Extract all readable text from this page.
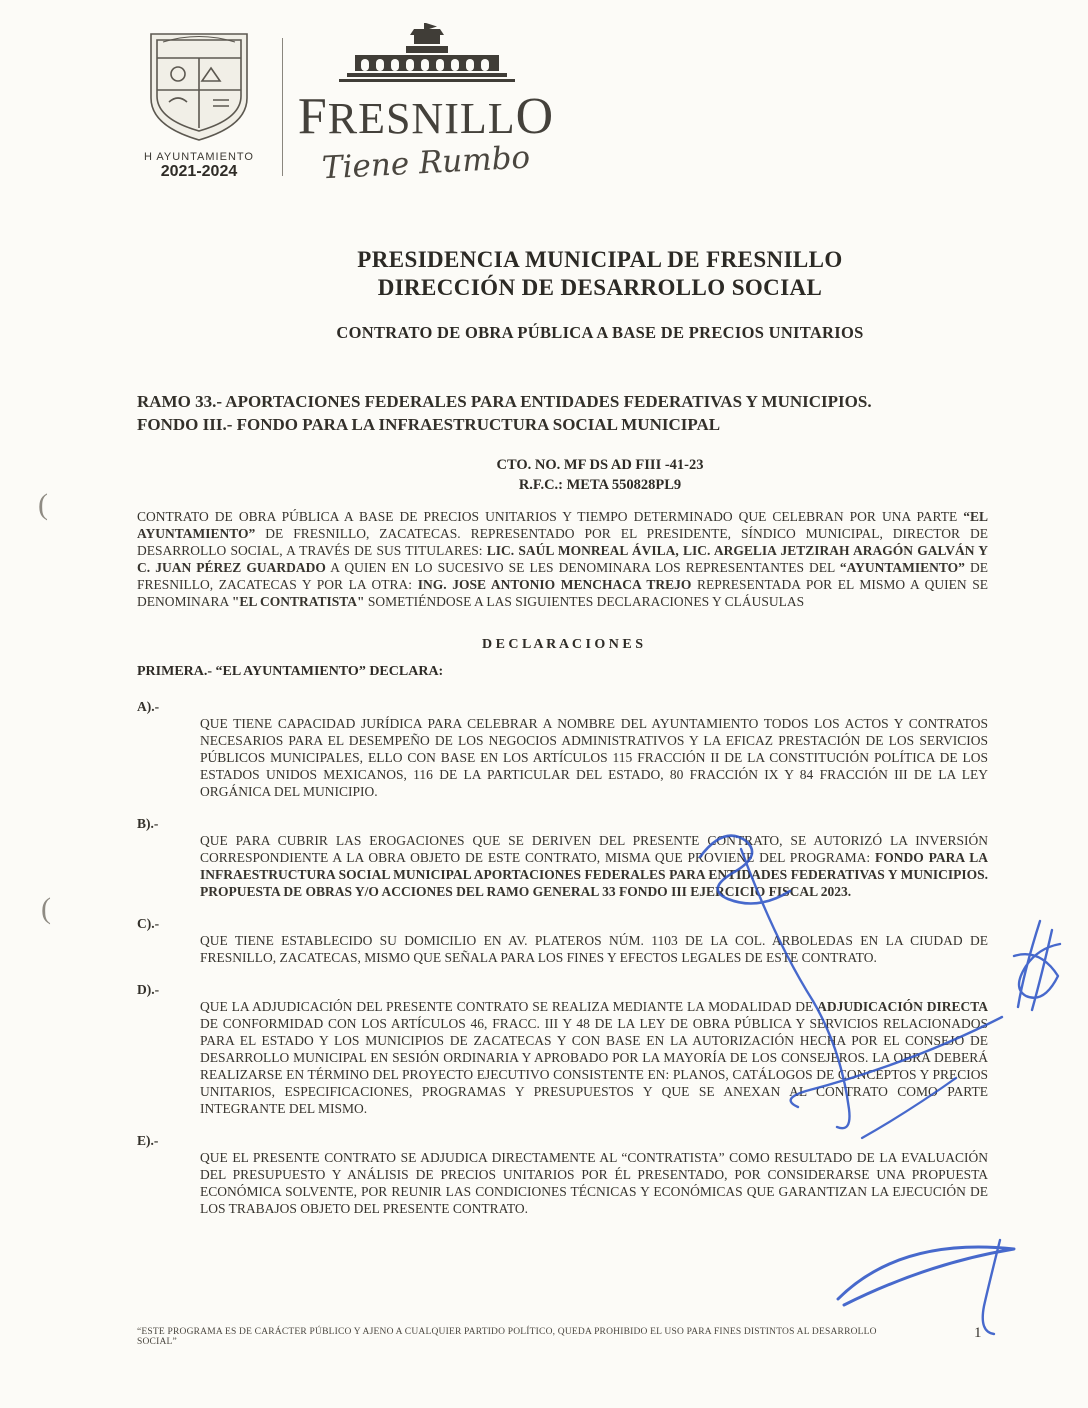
H AYUNTAMIENTO
2021-2024
FRESNILLO
Tiene Rumbo
PRESIDENCIA MUNICIPAL DE FRESNILLO
DIRECCIÓN DE DESARROLLO SOCIAL
CONTRATO DE OBRA PÚBLICA A BASE DE PRECIOS UNITARIOS
RAMO 33.- APORTACIONES FEDERALES PARA ENTIDADES FEDERATIVAS Y MUNICIPIOS.
FONDO III.- FONDO PARA LA INFRAESTRUCTURA SOCIAL MUNICIPAL
CTO. NO. MF DS AD FIII -41-23
R.F.C.: META 550828PL9

CONTRATO DE OBRA PÚBLICA A BASE DE PRECIOS UNITARIOS Y TIEMPO DETERMINADO QUE CELEBRAN POR UNA PARTE “EL AYUNTAMIENTO” DE FRESNILLO, ZACATECAS. REPRESENTADO POR EL PRESIDENTE, SÍNDICO MUNICIPAL, DIRECTOR DE DESARROLLO SOCIAL, A TRAVÉS DE SUS TITULARES: LIC. SAÚL MONREAL ÁVILA, LIC. ARGELIA JETZIRAH ARAGÓN GALVÁN Y C. JUAN PÉREZ GUARDADO A QUIEN EN LO SUCESIVO SE LES DENOMINARA LOS REPRESENTANTES DEL “AYUNTAMIENTO” DE FRESNILLO, ZACATECAS Y POR LA OTRA: ING. JOSE ANTONIO MENCHACA TREJO REPRESENTADA POR EL MISMO A QUIEN SE DENOMINARA "EL CONTRATISTA" SOMETIÉNDOSE A LAS SIGUIENTES DECLARACIONES Y CLÁUSULAS

D E C L A R A C I O N E S
PRIMERA.- “EL AYUNTAMIENTO” DECLARA:
A).-

QUE TIENE CAPACIDAD JURÍDICA PARA CELEBRAR A NOMBRE DEL AYUNTAMIENTO TODOS LOS ACTOS Y CONTRATOS NECESARIOS PARA EL DESEMPEÑO DE LOS NEGOCIOS ADMINISTRATIVOS Y LA EFICAZ PRESTACIÓN DE LOS SERVICIOS PÚBLICOS MUNICIPALES, ELLO CON BASE EN LOS ARTÍCULOS 115 FRACCIÓN II DE LA CONSTITUCIÓN POLÍTICA DE LOS ESTADOS UNIDOS MEXICANOS, 116 DE LA PARTICULAR DEL ESTADO, 80 FRACCIÓN IX Y 84 FRACCIÓN III DE LA LEY ORGÁNICA DEL MUNICIPIO.

B).-

QUE PARA CUBRIR LAS EROGACIONES QUE SE DERIVEN DEL PRESENTE CONTRATO, SE AUTORIZÓ LA INVERSIÓN CORRESPONDIENTE A LA OBRA OBJETO DE ESTE CONTRATO, MISMA QUE PROVIENE DEL PROGRAMA: FONDO PARA LA INFRAESTRUCTURA SOCIAL MUNICIPAL APORTACIONES FEDERALES PARA ENTIDADES FEDERATIVAS Y MUNICIPIOS. PROPUESTA DE OBRAS Y/O ACCIONES DEL RAMO GENERAL 33 FONDO III EJERCICIO FISCAL 2023.

C).-

QUE TIENE ESTABLECIDO SU DOMICILIO EN AV. PLATEROS NÚM. 1103 DE LA COL. ARBOLEDAS EN LA CIUDAD DE FRESNILLO, ZACATECAS, MISMO QUE SEÑALA PARA LOS FINES Y EFECTOS LEGALES DE ESTE CONTRATO.

D).-

QUE LA ADJUDICACIÓN DEL PRESENTE CONTRATO SE REALIZA MEDIANTE LA MODALIDAD DE ADJUDICACIÓN DIRECTA DE CONFORMIDAD CON LOS ARTÍCULOS 46, FRACC. III Y 48 DE LA LEY DE OBRA PÚBLICA Y SERVICIOS RELACIONADOS PARA EL ESTADO Y LOS MUNICIPIOS DE ZACATECAS Y CON BASE EN LA AUTORIZACIÓN HECHA POR EL CONSEJO DE DESARROLLO MUNICIPAL EN SESIÓN ORDINARIA Y APROBADO POR LA MAYORÍA DE LOS CONSEJEROS. LA OBRA DEBERÁ REALIZARSE EN TÉRMINO DEL PROYECTO EJECUTIVO CONSISTENTE EN: PLANOS, CATÁLOGOS DE CONCEPTOS Y PRECIOS UNITARIOS, ESPECIFICACIONES, PROGRAMAS Y PRESUPUESTOS Y QUE SE ANEXAN AL CONTRATO COMO PARTE INTEGRANTE DEL MISMO.

E).-

QUE EL PRESENTE CONTRATO SE ADJUDICA DIRECTAMENTE AL “CONTRATISTA” COMO RESULTADO DE LA EVALUACIÓN DEL PRESUPUESTO Y ANÁLISIS DE PRECIOS UNITARIOS POR ÉL PRESENTADO, POR CONSIDERARSE UNA PROPUESTA ECONÓMICA SOLVENTE, POR REUNIR LAS CONDICIONES TÉCNICAS Y ECONÓMICAS QUE GARANTIZAN LA EJECUCIÓN DE LOS TRABAJOS OBJETO DEL PRESENTE CONTRATO.

(
(
“ESTE PROGRAMA ES DE CARÁCTER PÚBLICO Y AJENO A CUALQUIER PARTIDO POLÍTICO, QUEDA PROHIBIDO EL USO PARA FINES DISTINTOS AL DESARROLLO SOCIAL”
1
